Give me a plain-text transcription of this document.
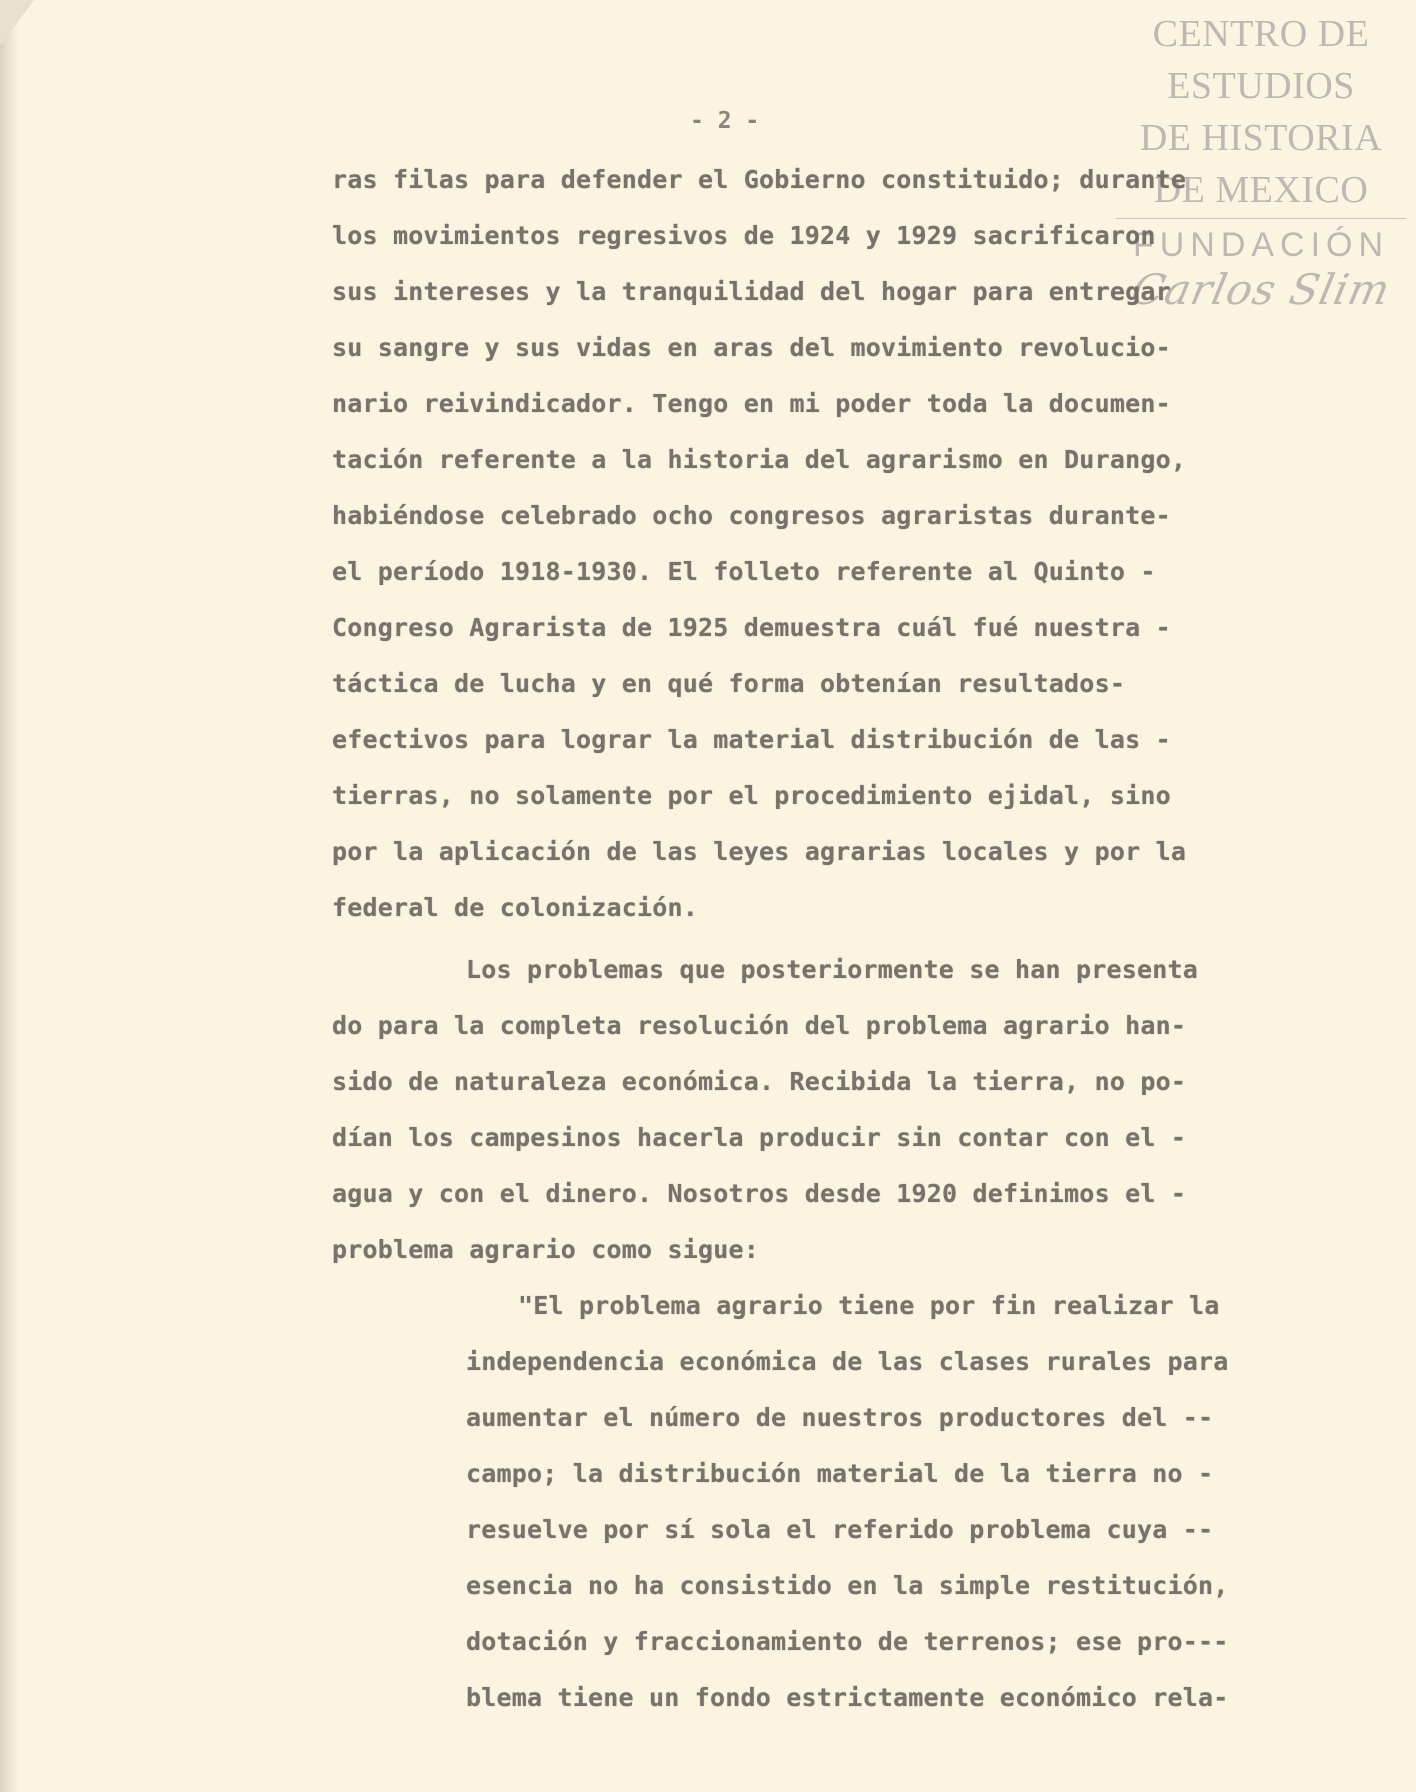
CENTRO DE
ESTUDIOS
DE HISTORIA
DE MEXICO
FUNDACIÓN
Carlos Slim
- 2 -
ras filas para defender el Gobierno constituido; durante
los movimientos regresivos de 1924 y 1929 sacrificaron
sus intereses y la tranquilidad del hogar para entregar
su sangre y sus vidas en aras del movimiento revolucio-
nario reivindicador. Tengo en mi poder toda la documen-
tación referente a la historia del agrarismo en Durango,
habiéndose celebrado ocho congresos agraristas durante-
el período 1918-1930. El folleto referente al Quinto -
Congreso Agrarista de 1925 demuestra cuál fué nuestra -
táctica de lucha y en qué forma obtenían resultados-
efectivos para lograr la material distribución de las -
tierras, no solamente por el procedimiento ejidal, sino
por la aplicación de las leyes agrarias locales y por la
federal de colonización.
Los problemas que posteriormente se han presenta
do para la completa resolución del problema agrario han-
sido de naturaleza económica. Recibida la tierra, no po-
dían los campesinos hacerla producir sin contar con el -
agua y con el dinero. Nosotros desde 1920 definimos el -
problema agrario como sigue:
"El problema agrario tiene por fin realizar la
independencia económica de las clases rurales para
aumentar el número de nuestros productores del --
campo; la distribución material de la tierra no -
resuelve por sí sola el referido problema cuya --
esencia no ha consistido en la simple restitución,
dotación y fraccionamiento de terrenos; ese pro---
blema tiene un fondo estrictamente económico rela-
